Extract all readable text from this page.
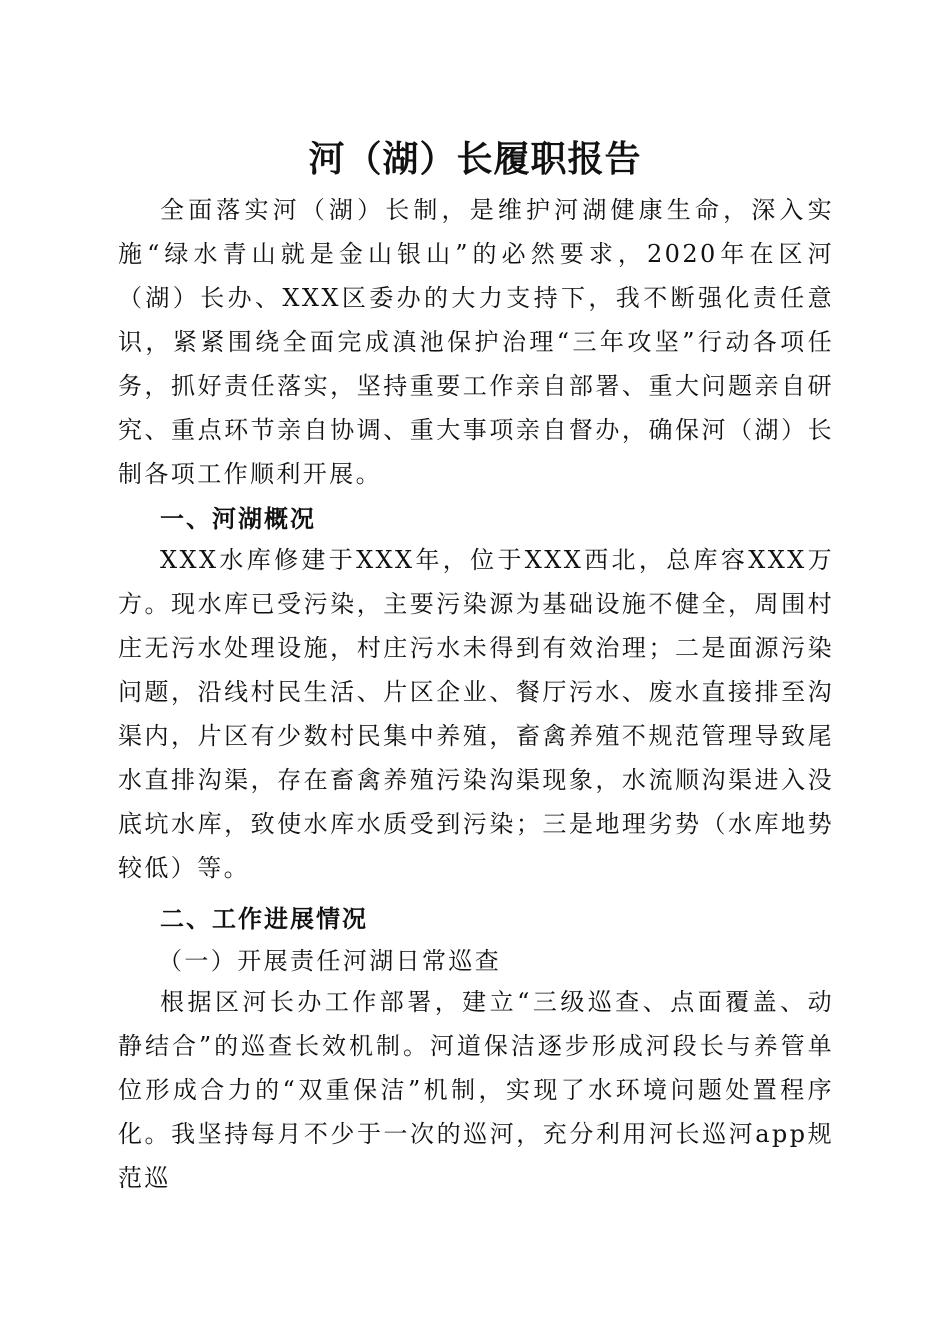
河（湖）长履职报告

全面落实河（湖）长制，是维护河湖健康生命，深入实施“绿水青山就是金山银山”的必然要求，2020年在区河（湖）长办、XXX区委办的大力支持下，我不断强化责任意识，紧紧围绕全面完成滇池保护治理“三年攻坚”行动各项任务，抓好责任落实，坚持重要工作亲自部署、重大问题亲自研究、重点环节亲自协调、重大事项亲自督办，确保河（湖）长制各项工作顺利开展。

一、河湖概况

XXX水库修建于XXX年，位于XXX西北，总库容XXX万方。现水库已受污染，主要污染源为基础设施不健全，周围村庄无污水处理设施，村庄污水未得到有效治理；二是面源污染问题，沿线村民生活、片区企业、餐厅污水、废水直接排至沟渠内，片区有少数村民集中养殖，畜禽养殖不规范管理导致尾水直排沟渠，存在畜禽养殖污染沟渠现象，水流顺沟渠进入没底坑水库，致使水库水质受到污染；三是地理劣势（水库地势较低）等。

二、工作进展情况
（一）开展责任河湖日常巡查

根据区河长办工作部署，建立“三级巡查、点面覆盖、动静结合”的巡查长效机制。河道保洁逐步形成河段长与养管单位形成合力的“双重保洁”机制，实现了水环境问题处置程序化。我坚持每月不少于一次的巡河，充分利用河长巡河app规范巡
